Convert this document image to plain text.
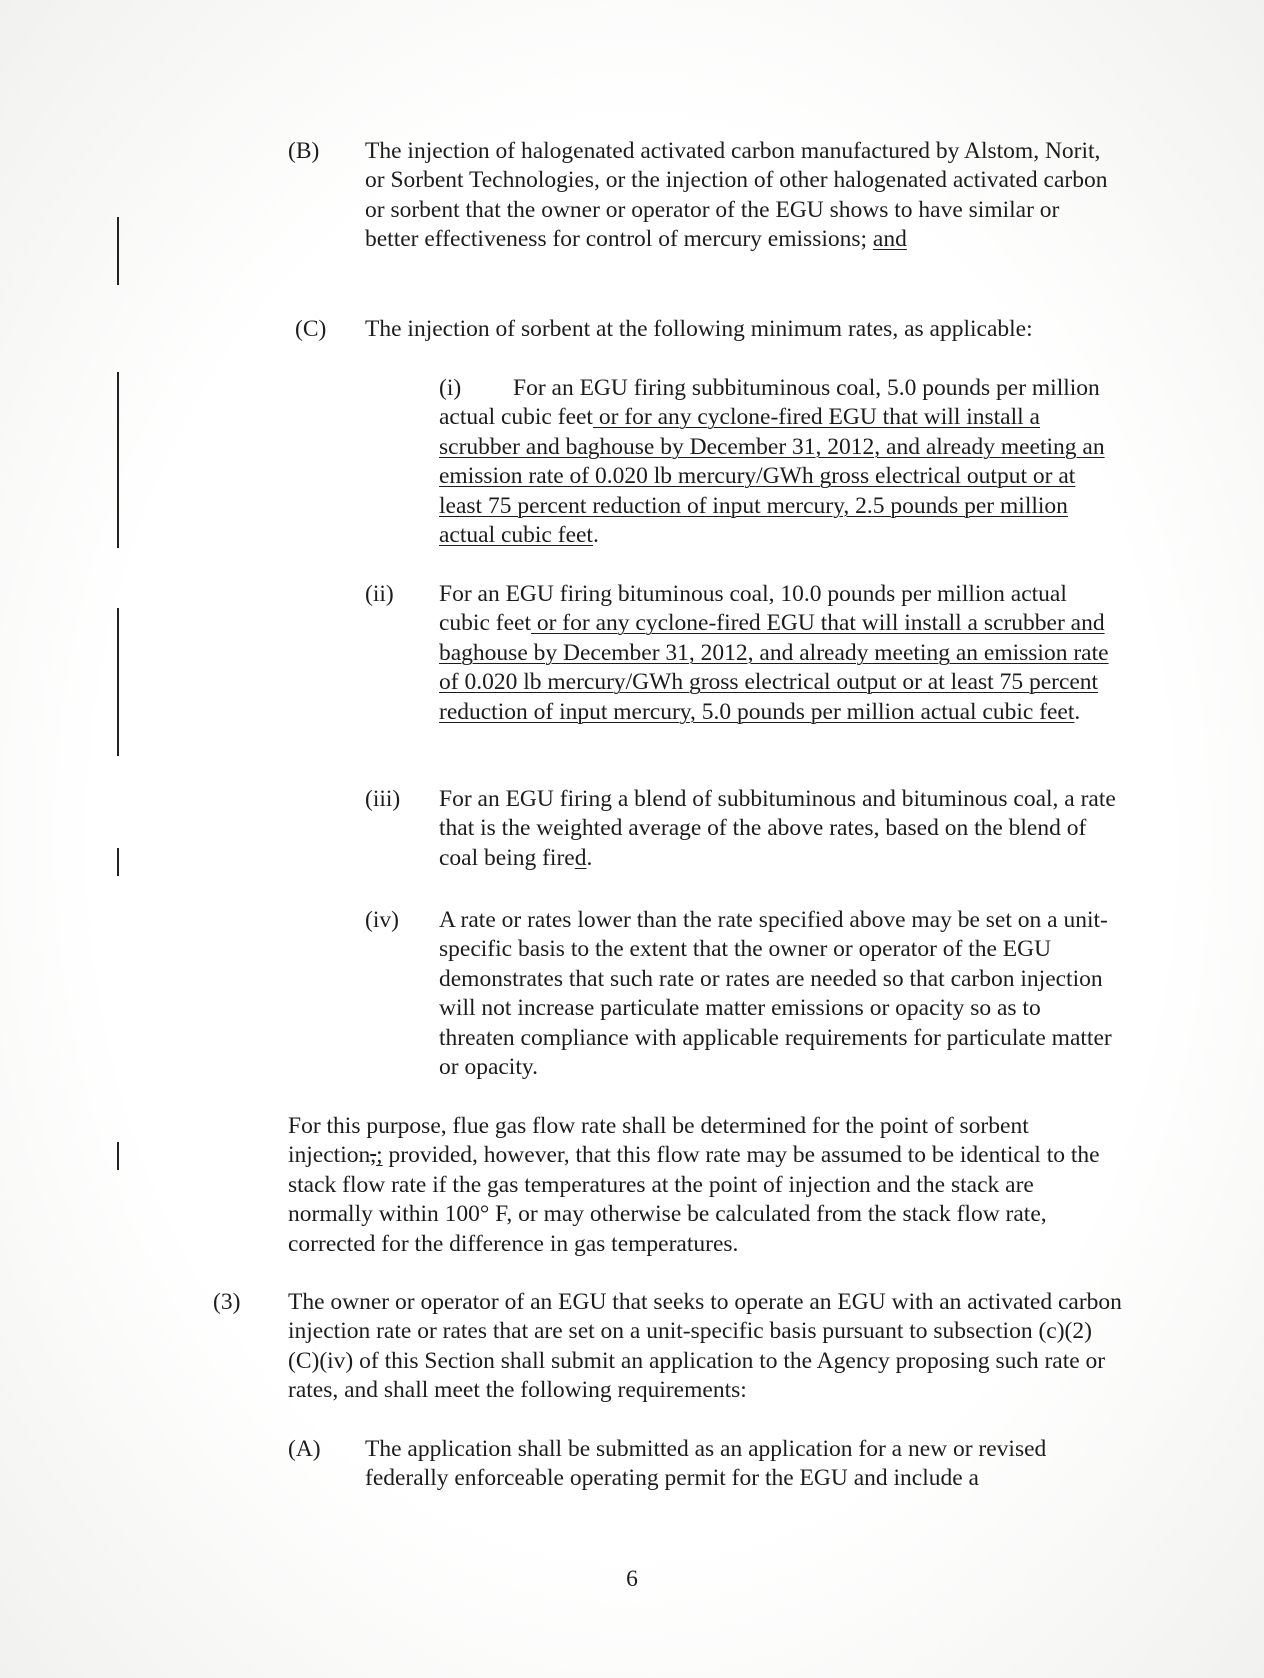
(B) The injection of halogenated activated carbon manufactured by Alstom, Norit, or Sorbent Technologies, or the injection of other halogenated activated carbon or sorbent that the owner or operator of the EGU shows to have similar or better effectiveness for control of mercury emissions; and

(C) The injection of sorbent at the following minimum rates, as applicable:

(i) For an EGU firing subbituminous coal, 5.0 pounds per million actual cubic feet or for any cyclone-fired EGU that will install a scrubber and baghouse by December 31, 2012, and already meeting an emission rate of 0.020 lb mercury/GWh gross electrical output or at least 75 percent reduction of input mercury, 2.5 pounds per million actual cubic feet.

(ii) For an EGU firing bituminous coal, 10.0 pounds per million actual cubic feet or for any cyclone-fired EGU that will install a scrubber and baghouse by December 31, 2012, and already meeting an emission rate of 0.020 lb mercury/GWh gross electrical output or at least 75 percent reduction of input mercury, 5.0 pounds per million actual cubic feet.

(iii) For an EGU firing a blend of subbituminous and bituminous coal, a rate that is the weighted average of the above rates, based on the blend of coal being fired.

(iv) A rate or rates lower than the rate specified above may be set on a unit-specific basis to the extent that the owner or operator of the EGU demonstrates that such rate or rates are needed so that carbon injection will not increase particulate matter emissions or opacity so as to threaten compliance with applicable requirements for particulate matter or opacity.

For this purpose, flue gas flow rate shall be determined for the point of sorbent injection,; provided, however, that this flow rate may be assumed to be identical to the stack flow rate if the gas temperatures at the point of injection and the stack are normally within 100° F, or may otherwise be calculated from the stack flow rate, corrected for the difference in gas temperatures.

(3) The owner or operator of an EGU that seeks to operate an EGU with an activated carbon injection rate or rates that are set on a unit-specific basis pursuant to subsection (c)(2)(C)(iv) of this Section shall submit an application to the Agency proposing such rate or rates, and shall meet the following requirements:

(A) The application shall be submitted as an application for a new or revised federally enforceable operating permit for the EGU and include a

6
